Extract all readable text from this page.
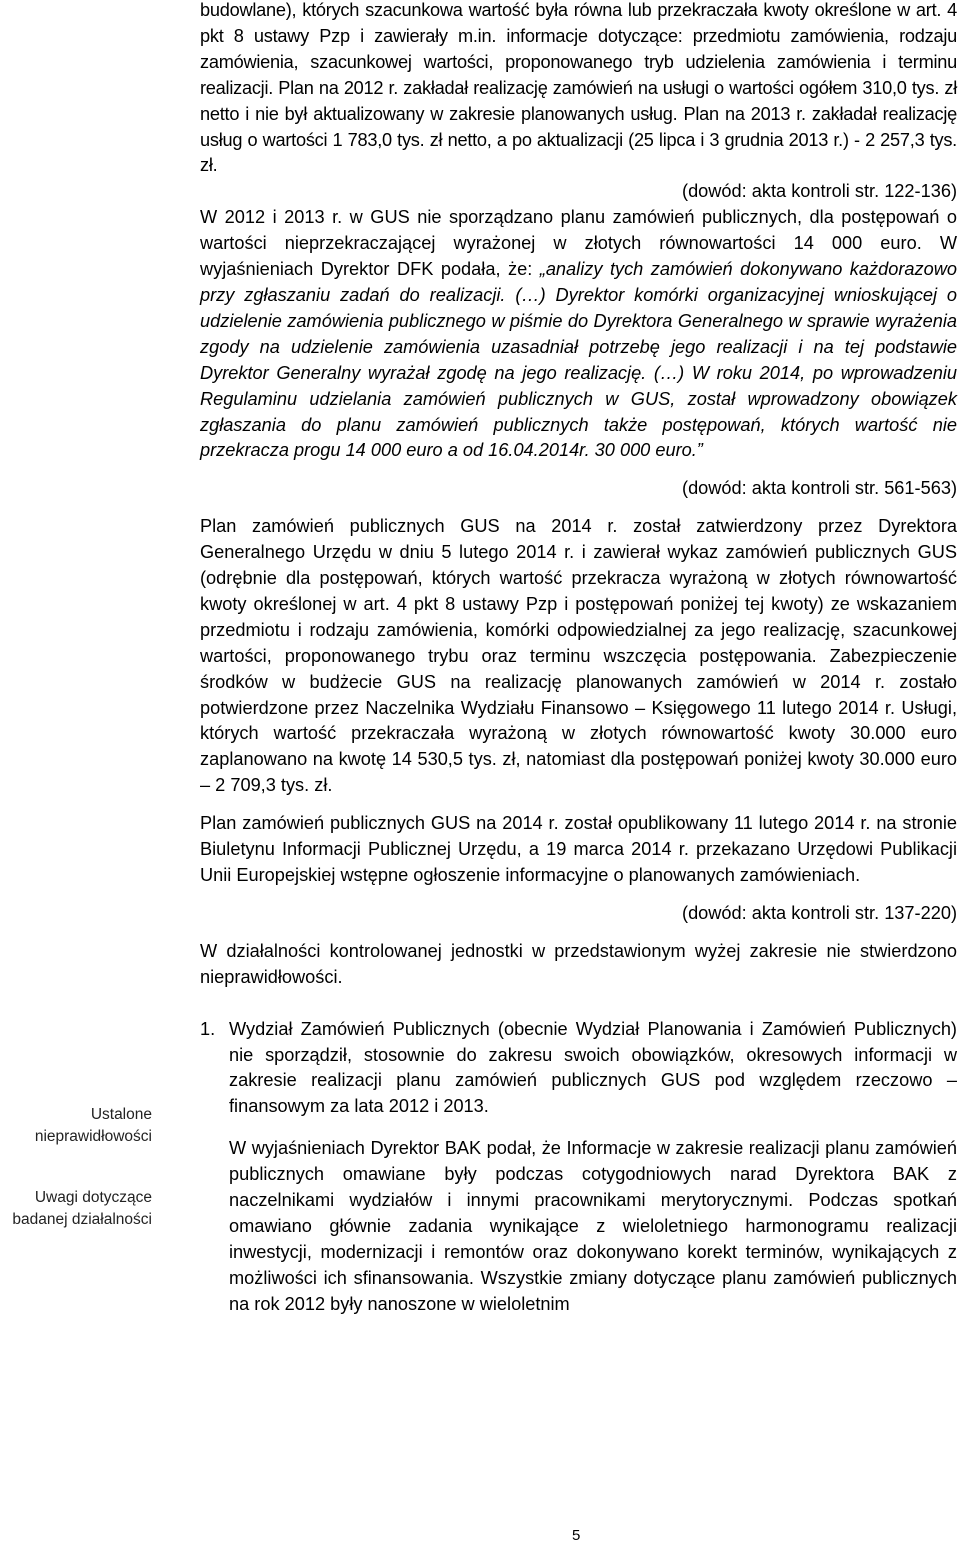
Ustalone nieprawidłowości
Uwagi dotyczące badanej działalności

budowlane), których szacunkowa wartość była równa lub przekraczała kwoty określone w art. 4 pkt 8 ustawy Pzp i zawierały m.in. informacje dotyczące: przedmiotu zamówienia, rodzaju zamówienia, szacunkowej wartości, proponowanego tryb udzielenia zamówienia i terminu realizacji. Plan na 2012 r. zakładał realizację zamówień na usługi o wartości ogółem 310,0 tys. zł netto i nie był aktualizowany w zakresie planowanych usług. Plan na 2013 r. zakładał realizację usług o wartości 1 783,0 tys. zł netto, a po aktualizacji (25 lipca i 3 grudnia 2013 r.) - 2 257,3 tys. zł.

(dowód: akta kontroli str. 122-136)

W 2012 i 2013 r. w GUS nie sporządzano planu zamówień publicznych, dla postępowań o wartości nieprzekraczającej wyrażonej w złotych równowartości 14 000 euro. W wyjaśnieniach Dyrektor DFK podała, że: „analizy tych zamówień dokonywano każdorazowo przy zgłaszaniu zadań do realizacji. (…) Dyrektor komórki organizacyjnej wnioskującej o udzielenie zamówienia publicznego w piśmie do Dyrektora Generalnego w sprawie wyrażenia zgody na udzielenie zamówienia uzasadniał potrzebę jego realizacji i na tej podstawie Dyrektor Generalny wyrażał zgodę na jego realizację. (…) W roku 2014, po wprowadzeniu Regulaminu udzielania zamówień publicznych w GUS, został wprowadzony obowiązek zgłaszania do planu zamówień publicznych także postępowań, których wartość nie przekracza progu 14 000 euro a od 16.04.2014r. 30 000 euro.”

(dowód: akta kontroli str. 561-563)

Plan zamówień publicznych GUS na 2014 r. został zatwierdzony przez Dyrektora Generalnego Urzędu w dniu 5 lutego 2014 r. i zawierał wykaz zamówień publicznych GUS (odrębnie dla postępowań, których wartość przekracza wyrażoną w złotych równowartość kwoty określonej w art. 4 pkt 8 ustawy Pzp i postępowań poniżej tej kwoty) ze wskazaniem przedmiotu i rodzaju zamówienia, komórki odpowiedzialnej za jego realizację, szacunkowej wartości, proponowanego trybu oraz terminu wszczęcia postępowania. Zabezpieczenie środków w budżecie GUS na realizację planowanych zamówień w 2014 r. zostało potwierdzone przez Naczelnika Wydziału Finansowo – Księgowego 11 lutego 2014 r. Usługi, których wartość przekraczała wyrażoną w złotych równowartość kwoty 30.000 euro zaplanowano na kwotę 14 530,5 tys. zł, natomiast dla postępowań poniżej kwoty 30.000 euro – 2 709,3 tys. zł.

Plan zamówień publicznych GUS na 2014 r. został opublikowany 11 lutego 2014 r. na stronie Biuletynu Informacji Publicznej Urzędu, a 19 marca 2014 r. przekazano Urzędowi Publikacji Unii Europejskiej wstępne ogłoszenie informacyjne o planowanych zamówieniach.

(dowód: akta kontroli str. 137-220)

W działalności kontrolowanej jednostki w przedstawionym wyżej zakresie nie stwierdzono nieprawidłowości.

1. Wydział Zamówień Publicznych (obecnie Wydział Planowania i Zamówień Publicznych) nie sporządził, stosownie do zakresu swoich obowiązków, okresowych informacji w zakresie realizacji planu zamówień publicznych GUS pod względem rzeczowo – finansowym za lata 2012 i 2013.

W wyjaśnieniach Dyrektor BAK podał, że Informacje w zakresie realizacji planu zamówień publicznych omawiane były podczas cotygodniowych narad Dyrektora BAK z naczelnikami wydziałów i innymi pracownikami merytorycznymi. Podczas spotkań omawiano głównie zadania wynikające z wieloletniego harmonogramu realizacji inwestycji, modernizacji i remontów oraz dokonywano korekt terminów, wynikających z możliwości ich sfinansowania. Wszystkie zmiany dotyczące planu zamówień publicznych na rok 2012 były nanoszone w wieloletnim

5
